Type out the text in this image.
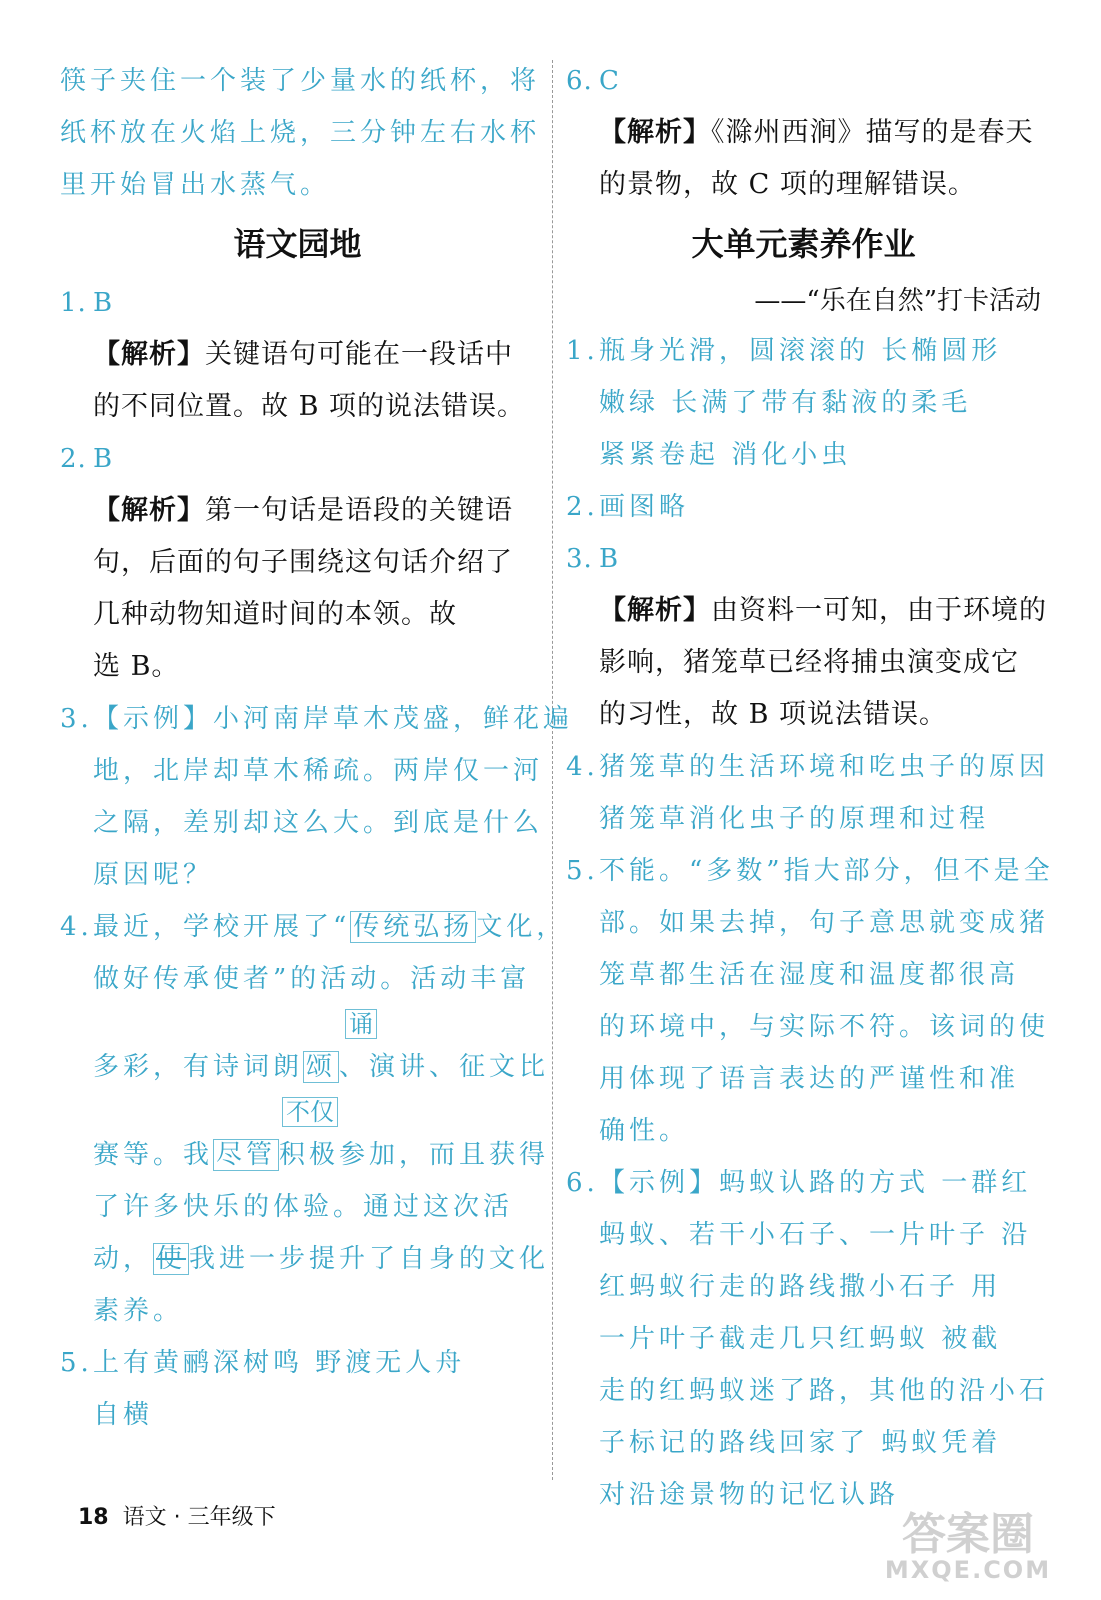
筷子夹住一个装了少量水的纸杯，将
纸杯放在火焰上烧，三分钟左右水杯
里开始冒出水蒸气。
语文园地
1. B
【解析】关键语句可能在一段话中
的不同位置。故 B 项的说法错误。
2. B
【解析】第一句话是语段的关键语
句，后面的句子围绕这句话介绍了
几种动物知道时间的本领。故
选 B。
3.【示例】小河南岸草木茂盛，鲜花遍
地，北岸却草木稀疏。两岸仅一河
之隔，差别却这么大。到底是什么
原因呢？
4.最近，学校开展了“ 传统弘扬 文化，
做好传承使者”的活动。活动丰富
诵
多彩，有诗词朗 颂 、演讲、征文比
不仅
赛等。我 尽管 积极参加，而且获得
了许多快乐的体验。通过这次活
动， 使 我进一步提升了自身的文化
素养。
5.上有黄鹂深树鸣 野渡无人舟
自横
6. C
【解析】《滁州西涧》描写的是春天
的景物，故 C 项的理解错误。
大单元素养作业
——“乐在自然”打卡活动
1.瓶身光滑，圆滚滚的 长椭圆形
嫩绿 长满了带有黏液的柔毛
紧紧卷起 消化小虫
2.画图略
3. B
【解析】由资料一可知，由于环境的
影响，猪笼草已经将捕虫演变成它
的习性，故 B 项说法错误。
4.猪笼草的生活环境和吃虫子的原因
猪笼草消化虫子的原理和过程
5.不能。“多数”指大部分，但不是全
部。如果去掉，句子意思就变成猪
笼草都生活在湿度和温度都很高
的环境中，与实际不符。该词的使
用体现了语言表达的严谨性和准
确性。
6.【示例】蚂蚁认路的方式 一群红
蚂蚁、若干小石子、一片叶子 沿
红蚂蚁行走的路线撒小石子 用
一片叶子截走几只红蚂蚁 被截
走的红蚂蚁迷了路，其他的沿小石
子标记的路线回家了 蚂蚁凭着
对沿途景物的记忆认路
18 语文 · 三年级下	答案圈
MXQE.COM
